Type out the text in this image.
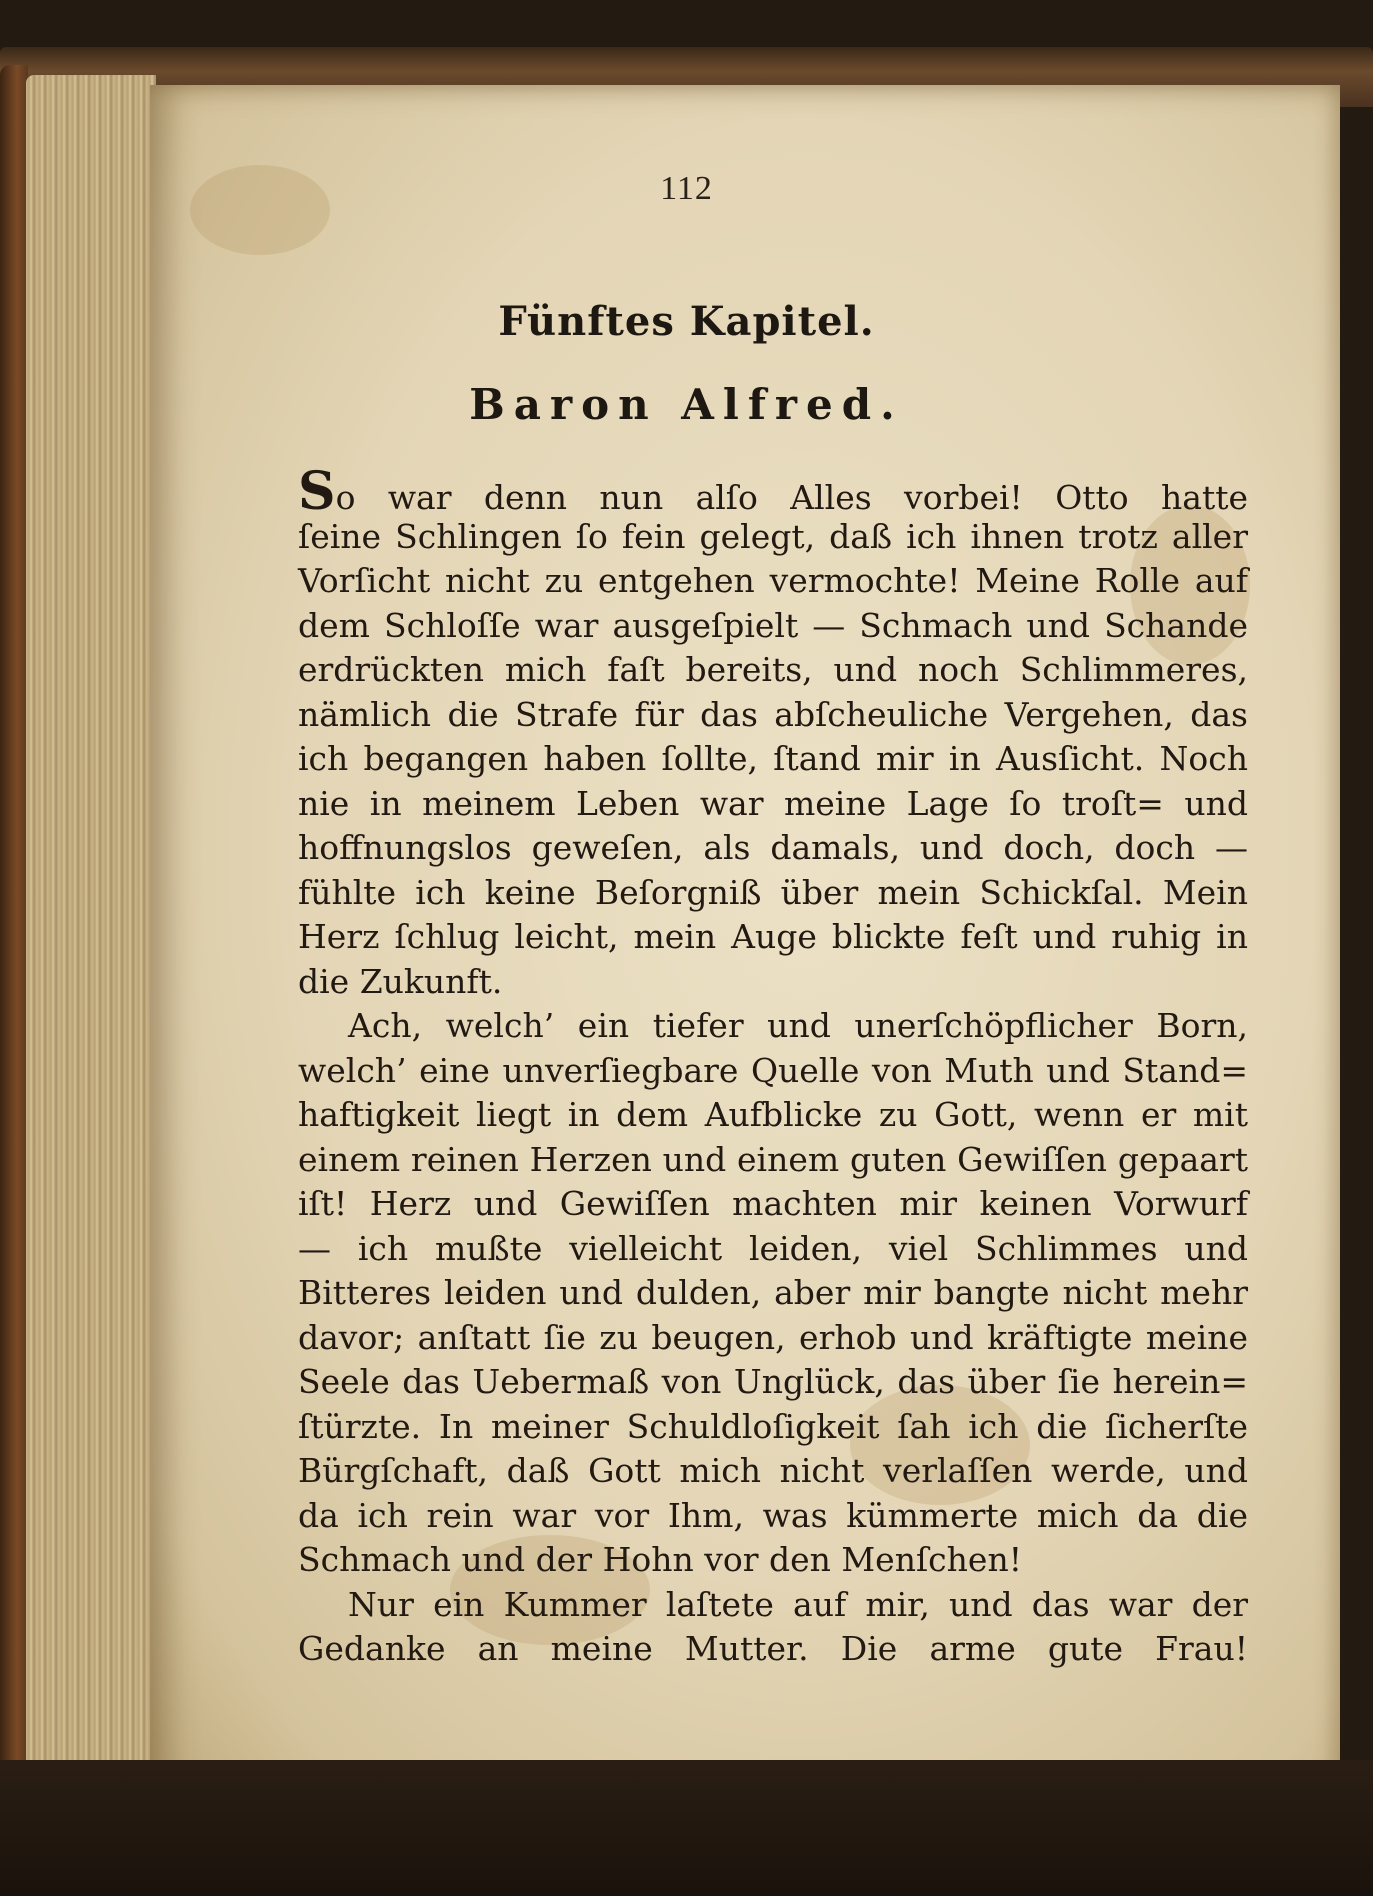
112
Fünftes Kapitel.
Baron Alfred.
So war denn nun alſo Alles vorbei! Otto hatte
ſeine Schlingen ſo fein gelegt, daß ich ihnen trotz aller
Vorſicht nicht zu entgehen vermochte! Meine Rolle auf
dem Schloſſe war ausgeſpielt — Schmach und Schande
erdrückten mich faſt bereits, und noch Schlimmeres,
nämlich die Strafe für das abſcheuliche Vergehen, das
ich begangen haben ſollte, ſtand mir in Ausſicht. Noch
nie in meinem Leben war meine Lage ſo troſt= und
hoffnungslos geweſen, als damals, und doch, doch —
fühlte ich keine Beſorgniß über mein Schickſal. Mein
Herz ſchlug leicht, mein Auge blickte feſt und ruhig in
die Zukunft.
Ach, welch’ ein tiefer und unerſchöpflicher Born,
welch’ eine unverſiegbare Quelle von Muth und Stand=
haftigkeit liegt in dem Aufblicke zu Gott, wenn er mit
einem reinen Herzen und einem guten Gewiſſen gepaart
iſt! Herz und Gewiſſen machten mir keinen Vorwurf
— ich mußte vielleicht leiden, viel Schlimmes und
Bitteres leiden und dulden, aber mir bangte nicht mehr
davor; anſtatt ſie zu beugen, erhob und kräftigte meine
Seele das Uebermaß von Unglück, das über ſie herein=
ſtürzte. In meiner Schuldloſigkeit ſah ich die ſicherſte
Bürgſchaft, daß Gott mich nicht verlaſſen werde, und
da ich rein war vor Ihm, was kümmerte mich da die
Schmach und der Hohn vor den Menſchen!
Nur ein Kummer laſtete auf mir, und das war der
Gedanke an meine Mutter. Die arme gute Frau!
